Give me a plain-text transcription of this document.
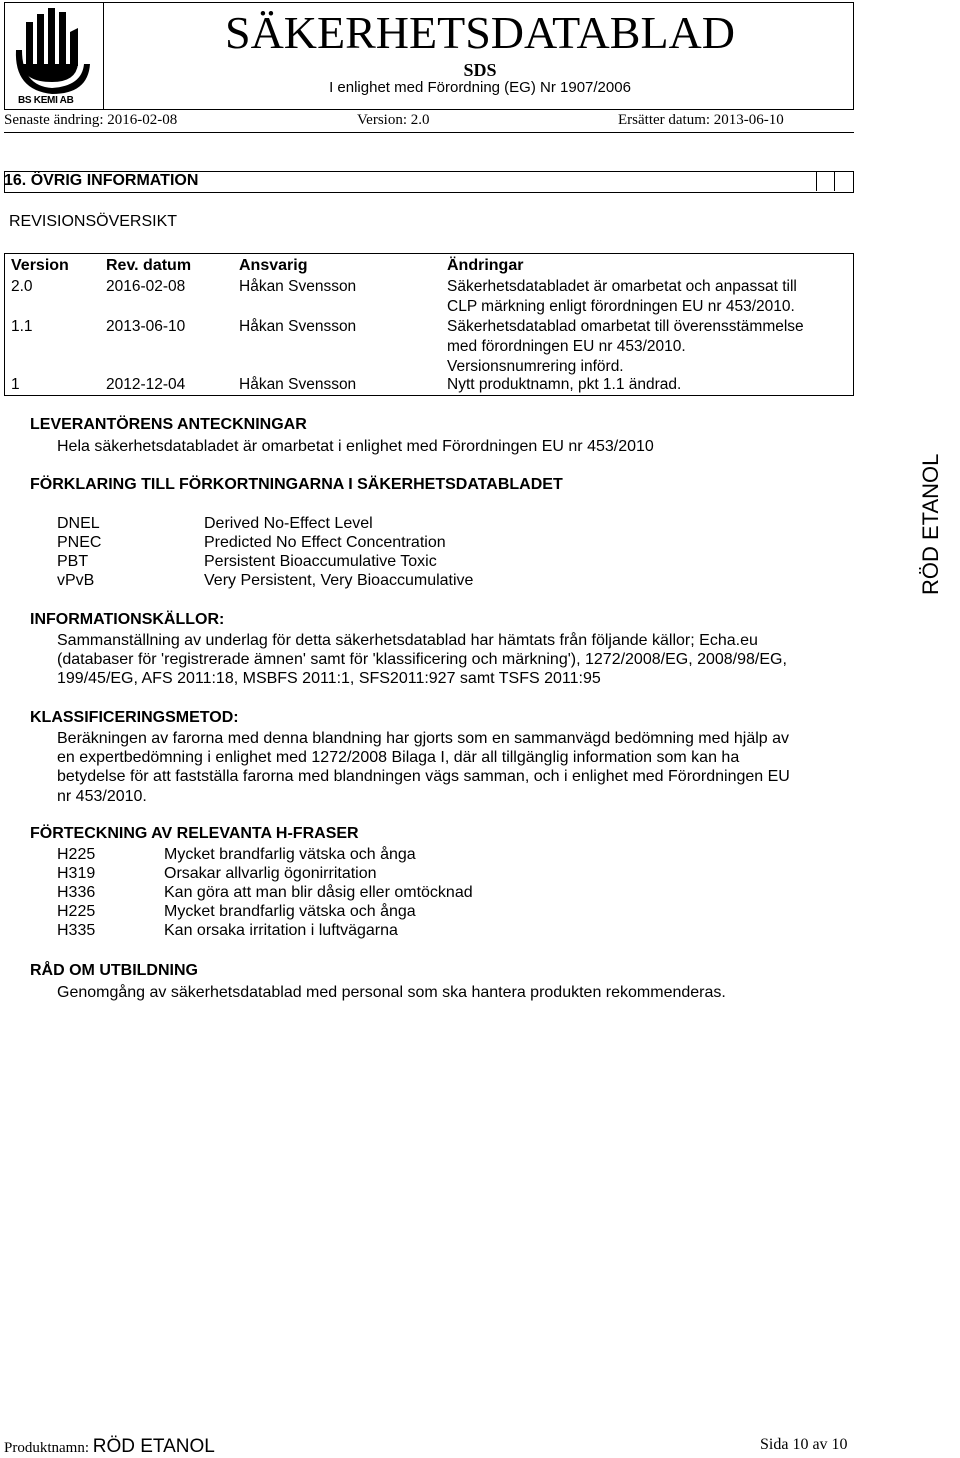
BS KEMI AB
SÄKERHETSDATABLAD
SDS
I enlighet med Förordning (EG) Nr 1907/2006
Senaste ändring: 2016-02-08	Version: 2.0	Ersätter datum: 2013-06-10
16. ÖVRIG INFORMATION
REVISIONSÖVERSIKT
Version Rev. datum	Ansvarig	Ändringar
2.0	2016-02-08	Håkan Svensson	Säkerhetsdatabladet är omarbetat och anpassat till
CLP märkning enligt förordningen EU nr 453/2010.
1.1	2013-06-10	Håkan Svensson	Säkerhetsdatablad omarbetat till överensstämmelse
med förordningen EU nr 453/2010.
Versionsnumrering införd.
1	2012-12-04	Håkan Svensson	Nytt produktnamn, pkt 1.1 ändrad.
LEVERANTÖRENS ANTECKNINGAR
Hela säkerhetsdatabladet är omarbetat i enlighet med Förordningen EU nr 453/2010
FÖRKLARING TILL FÖRKORTNINGARNA I SÄKERHETSDATABLADET
DNEL	Derived No-Effect Level
PNEC	Predicted No Effect Concentration
PBT	Persistent Bioaccumulative Toxic
vPvB	Very Persistent, Very Bioaccumulative
INFORMATIONSKÄLLOR:
Sammanställning av underlag för detta säkerhetsdatablad har hämtats från följande källor; Echa.eu
(databaser för 'registrerade ämnen' samt för 'klassificering och märkning'), 1272/2008/EG, 2008/98/EG,
199/45/EG, AFS 2011:18, MSBFS 2011:1, SFS2011:927 samt TSFS 2011:95
KLASSIFICERINGSMETOD:
Beräkningen av farorna med denna blandning har gjorts som en sammanvägd bedömning med hjälp av
en expertbedömning i enlighet med 1272/2008 Bilaga I, där all tillgänglig information som kan ha
betydelse för att fastställa farorna med blandningen vägs samman, och i enlighet med Förordningen EU
nr 453/2010.
FÖRTECKNING AV RELEVANTA H-FRASER
H225	Mycket brandfarlig vätska och ånga
H319	Orsakar allvarlig ögonirritation
H336	Kan göra att man blir dåsig eller omtöcknad
H225	Mycket brandfarlig vätska och ånga
H335	Kan orsaka irritation i luftvägarna
RÅD OM UTBILDNING
Genomgång av säkerhetsdatablad med personal som ska hantera produkten rekommenderas.
RÖD ETANOL
Produktnamn: RÖD ETANOL	Sida 10 av 10
